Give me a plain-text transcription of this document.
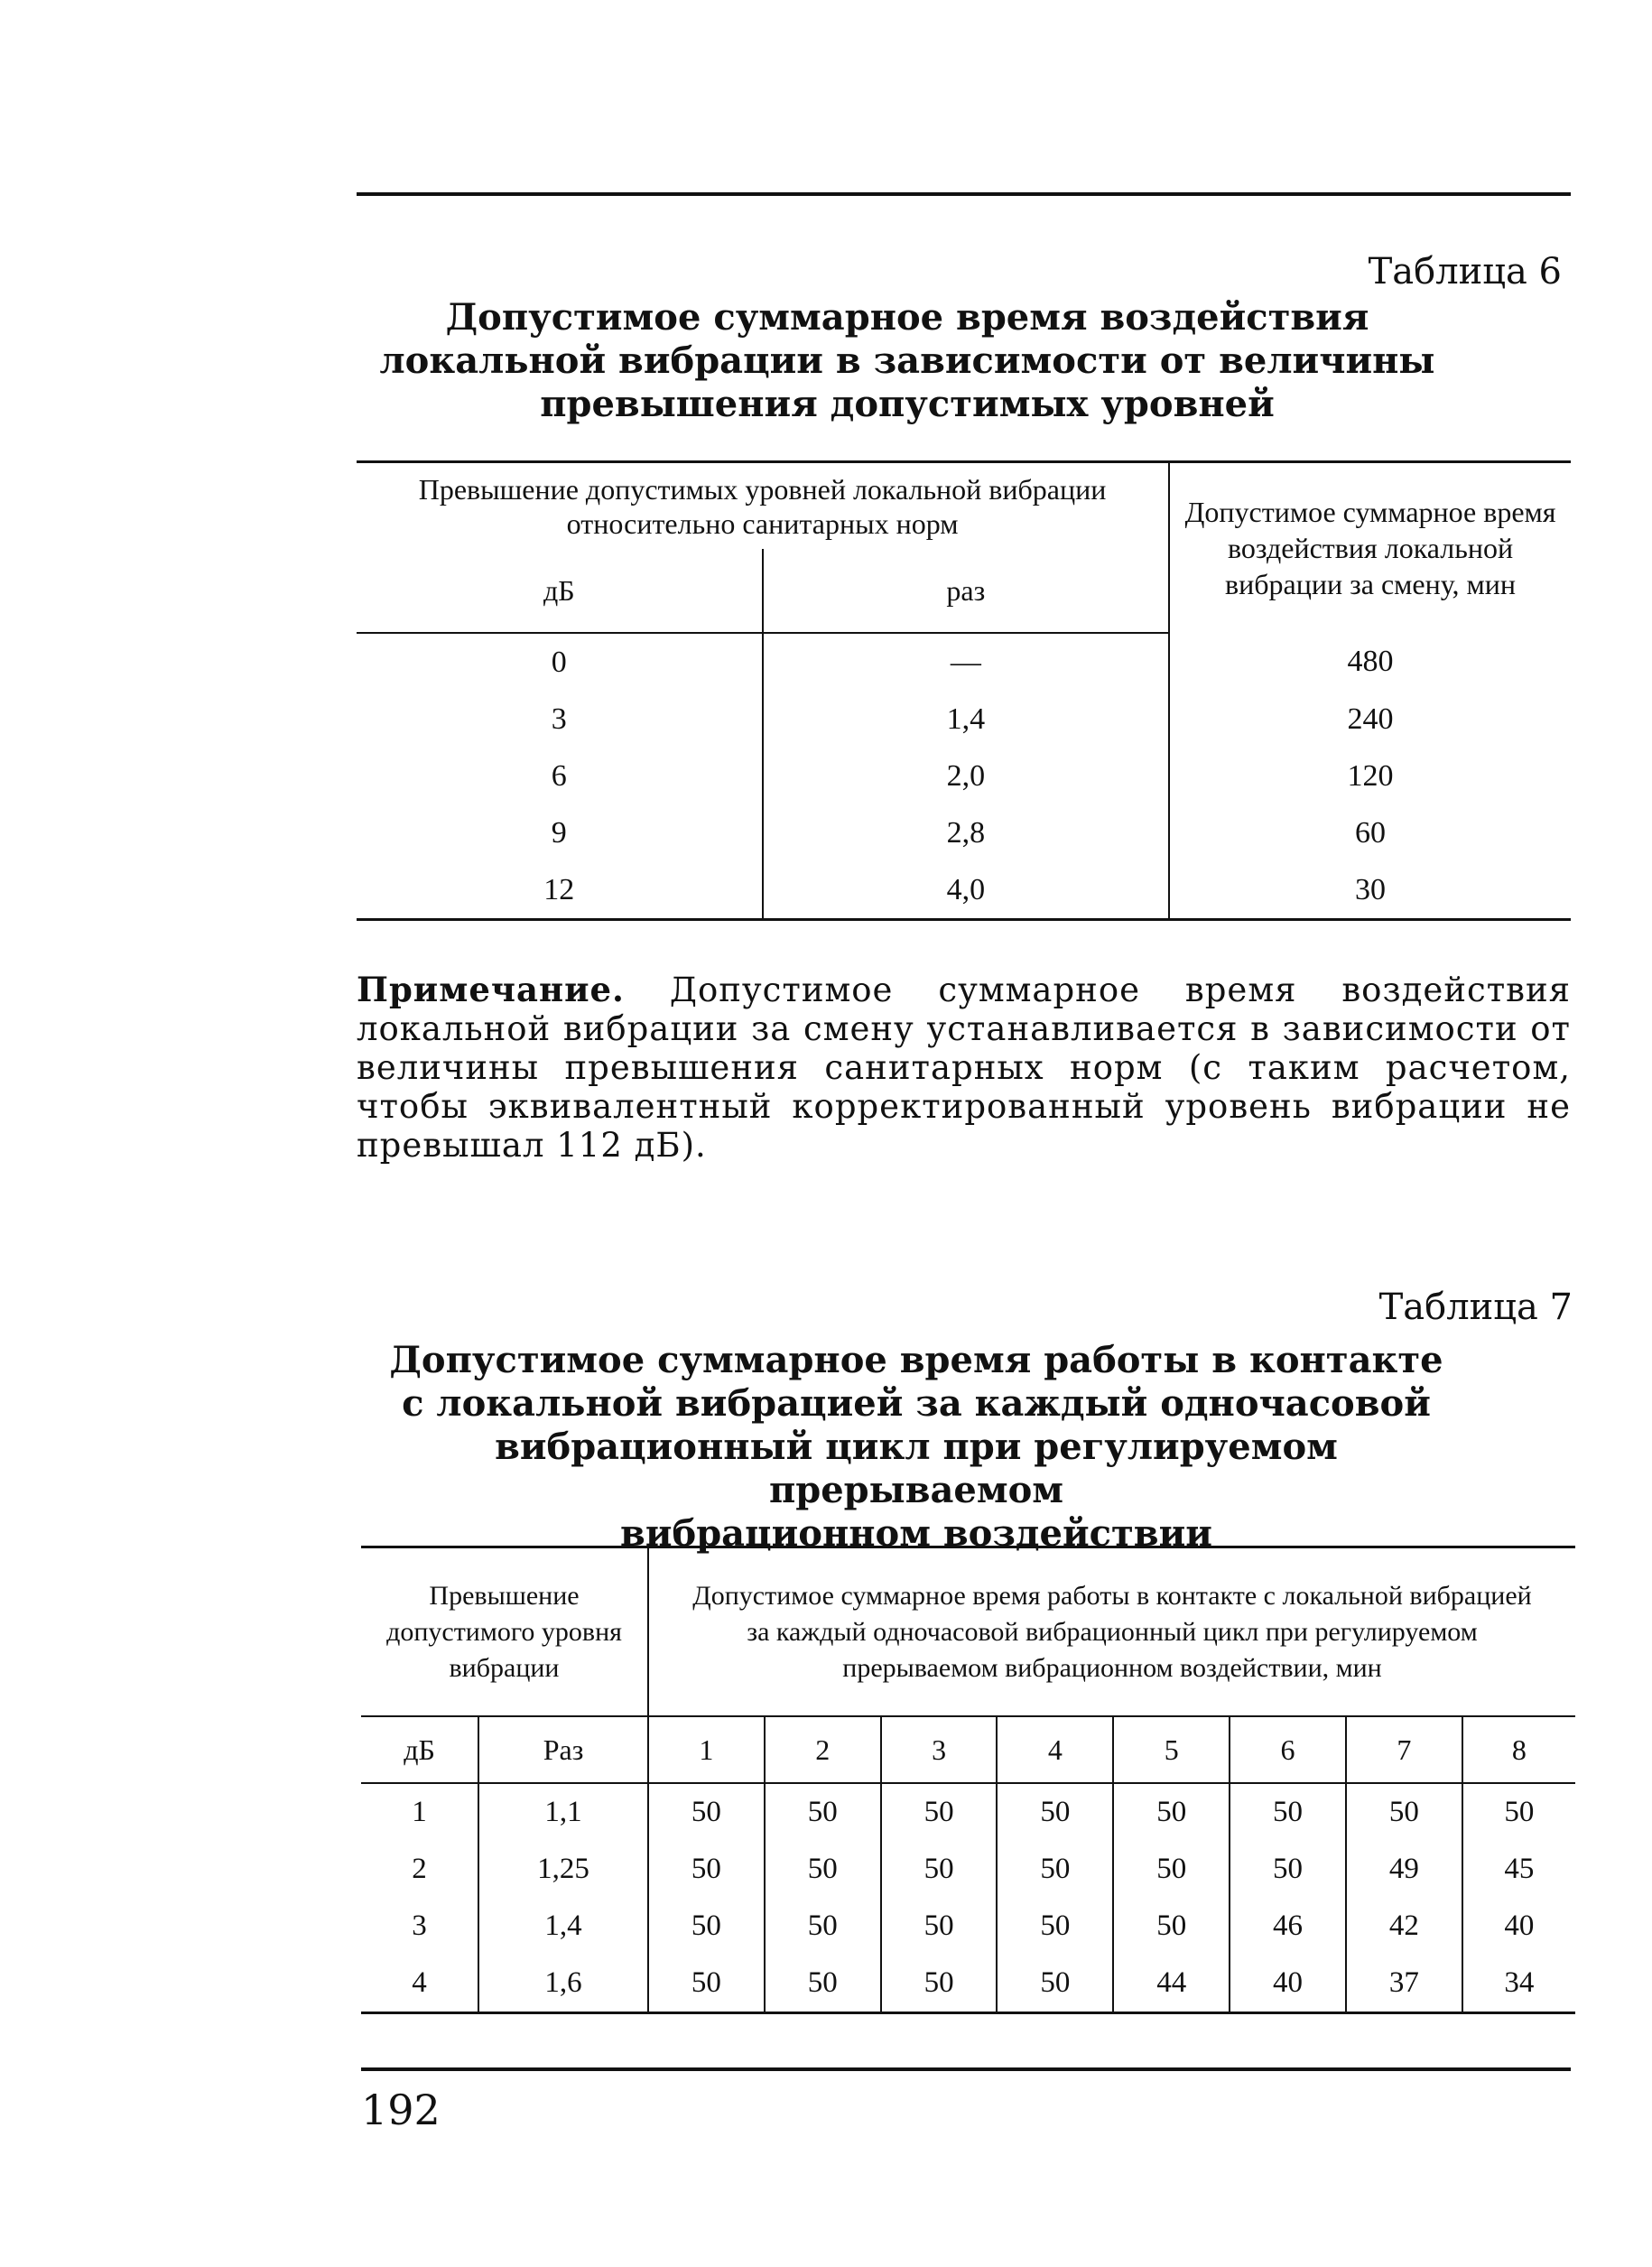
Таблица 6
Допустимое суммарное время воздействия
локальной вибрации в зависимости от величины
превышения допустимых уровней
Превышение допустимых уровней локальной вибрации относительно санитарных норм		Допустимое суммарное время воздействия локальной вибрации за смену, мин
дБ	раз	
0	—	480
3	1,4	240
6	2,0	120
9	2,8	60
12	4,0	30
Примечание. Допустимое суммарное время воздействия локальной вибрации за смену устанавливается в зависимости от величины превышения санитарных норм (с таким расчетом, чтобы эквивалентный корректированный уровень вибрации не превышал 112 дБ).
Таблица 7
Допустимое суммарное время работы в контакте
с локальной вибрацией за каждый одночасовой
вибрационный цикл при регулируемом прерываемом
вибрационном воздействии
Превышение допустимого уровня вибрации		Допустимое суммарное время работы в контакте с локальной вибрацией за каждый одночасовой вибрационный цикл при регулируемом прерываемом вибрационном воздействии, мин							
дБ	Раз	1	2	3	4	5	6	7	8
1	1,1	50	50	50	50	50	50	50	50
2	1,25	50	50	50	50	50	50	49	45
3	1,4	50	50	50	50	50	46	42	40
4	1,6	50	50	50	50	44	40	37	34
192
